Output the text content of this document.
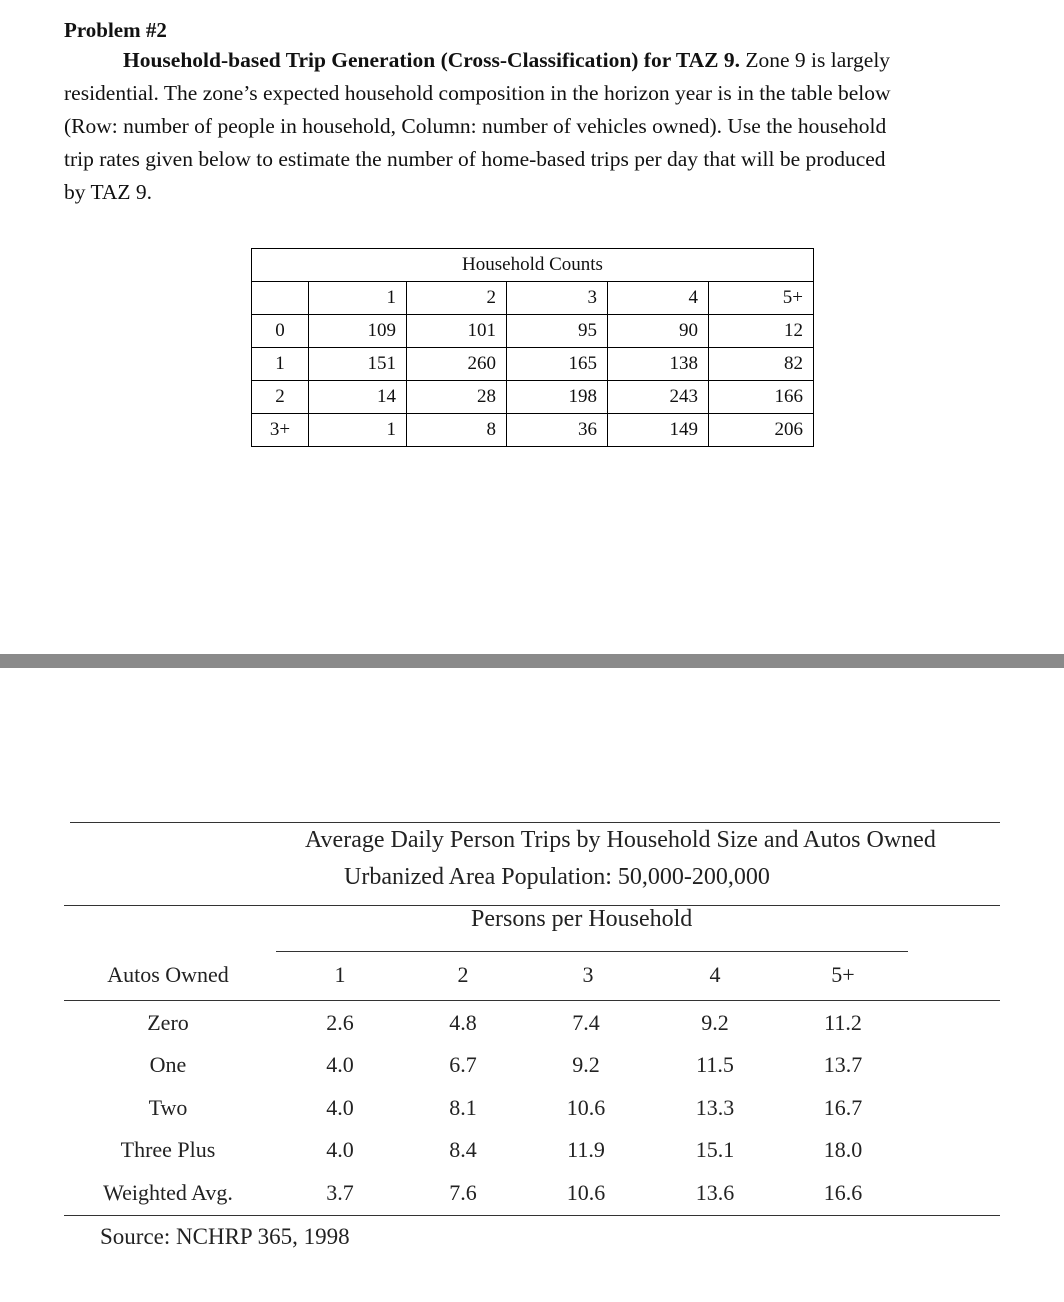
Problem #2
Household-based Trip Generation (Cross-Classification) for TAZ 9. Zone 9 is largely
residential. The zone’s expected household composition in the horizon year is in the table below
(Row: number of people in household, Column: number of vehicles owned). Use the household
trip rates given below to estimate the number of home-based trips per day that will be produced
by TAZ 9.
Household Counts					
	1	2	3	4	5+
0	109	101	95	90	12
1	151	260	165	138	82
2	14	28	198	243	166
3+	1	8	36	149	206
Average Daily Person Trips by Household Size and Autos Owned
Urbanized Area Population: 50,000-200,000
Persons per Household
Autos Owned	1	2	3	4	5+
Zero	2.6	4.8	7.4	9.2	11.2
One	4.0	6.7	9.2	11.5	13.7
Two	4.0	8.1	10.6	13.3	16.7
Three Plus	4.0	8.4	11.9	15.1	18.0
Weighted Avg.	3.7	7.6	10.6	13.6	16.6
Source: NCHRP 365, 1998
